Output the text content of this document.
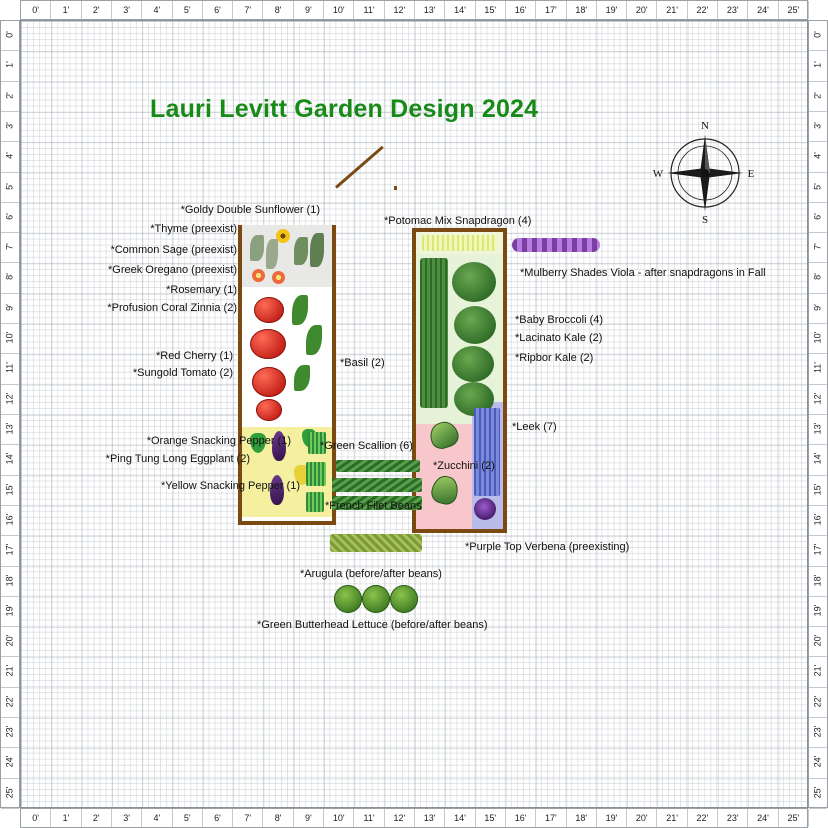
0'	1'	2'	3'	4'	5'	6'	7'	8'	9'	10'	11'	12'	13'	14'	15'	16'	17'	18'	19'	20'	21'	22'	23'	24'	25'
0'	1'	2'	3'	4'	5'	6'	7'	8'	9'	10'	11'	12'	13'	14'	15'	16'	17'	18'	19'	20'	21'	22'	23'	24'	25'
0'
1'
2'
3'
4'
5'
6'
7'
8'
9'
10'
11'
12'
13'
14'
15'
16'
17'
18'
19'
20'
21'
22'
23'
24'
25'
0'
1'
2'
3'
4'
5'
6'
7'
8'
9'
10'
11'
12'
13'
14'
15'
16'
17'
18'
19'
20'
21'
22'
23'
24'
25'
Lauri Levitt Garden Design 2024
N
E
S
W
*Goldy Double Sunflower (1)
*Thyme (preexist)
*Common Sage (preexist)
*Greek Oregano (preexist)
*Rosemary (1)
*Profusion Coral Zinnia (2)
*Red Cherry (1)
*Sungold Tomato (2)
*Orange Snacking Pepper (1)
*Ping Tung Long Eggplant (2)
*Yellow Snacking Pepper (1)
*Basil (2)
*Green Scallion (6)
*French Filet Beans
*Arugula (before/after beans)
*Green Butterhead Lettuce (before/after beans)
*Potomac Mix Snapdragon (4)
*Mulberry Shades Viola - after snapdragons in Fall
*Baby Broccoli (4)
*Lacinato Kale (2)
*Ripbor Kale (2)
*Leek (7)
*Zucchini (2)
*Purple Top Verbena (preexisting)
